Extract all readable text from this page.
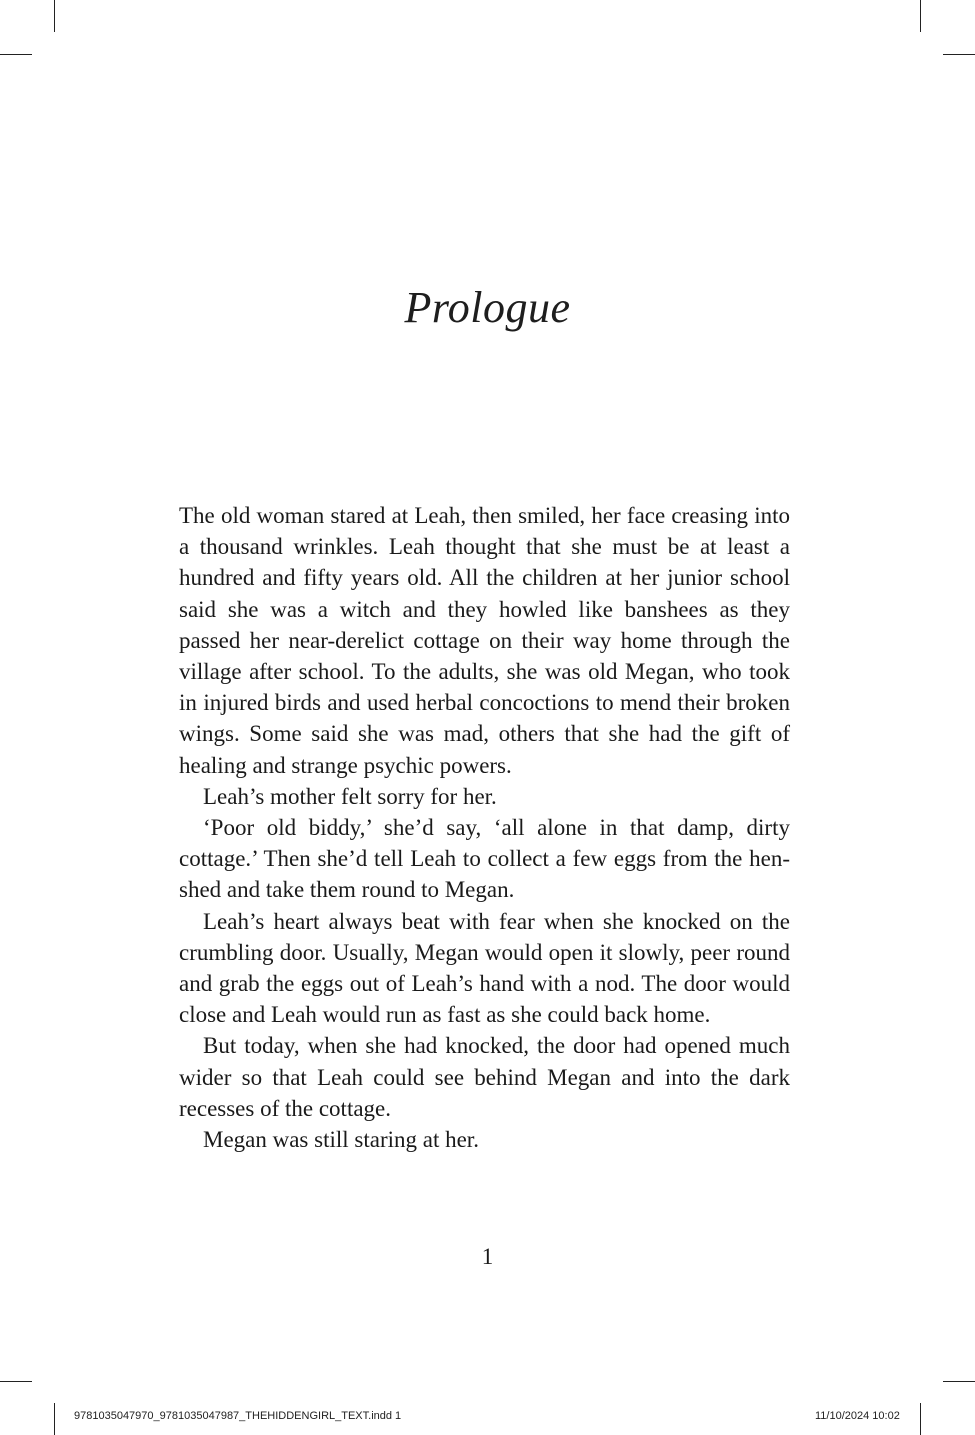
Prologue

The old woman stared at Leah, then smiled, her face creasing into a thousand wrinkles. Leah thought that she must be at least a hundred and fifty years old. All the children at her junior school said she was a witch and they howled like banshees as they passed her near-derelict cottage on their way home through the village after school. To the adults, she was old Megan, who took in injured birds and used herbal concoctions to mend their broken wings. Some said she was mad, others that she had the gift of healing and strange psychic powers.

Leah’s mother felt sorry for her.

‘Poor old biddy,’ she’d say, ‘all alone in that damp, dirty cottage.’ Then she’d tell Leah to collect a few eggs from the hen-shed and take them round to Megan.

Leah’s heart always beat with fear when she knocked on the crumbling door. Usually, Megan would open it slowly, peer round and grab the eggs out of Leah’s hand with a nod. The door would close and Leah would run as fast as she could back home.

But today, when she had knocked, the door had opened much wider so that Leah could see behind Megan and into the dark recesses of the cottage.

Megan was still staring at her.

1
9781035047970_9781035047987_THEHIDDENGIRL_TEXT.indd 1	11/10/2024 10:02
